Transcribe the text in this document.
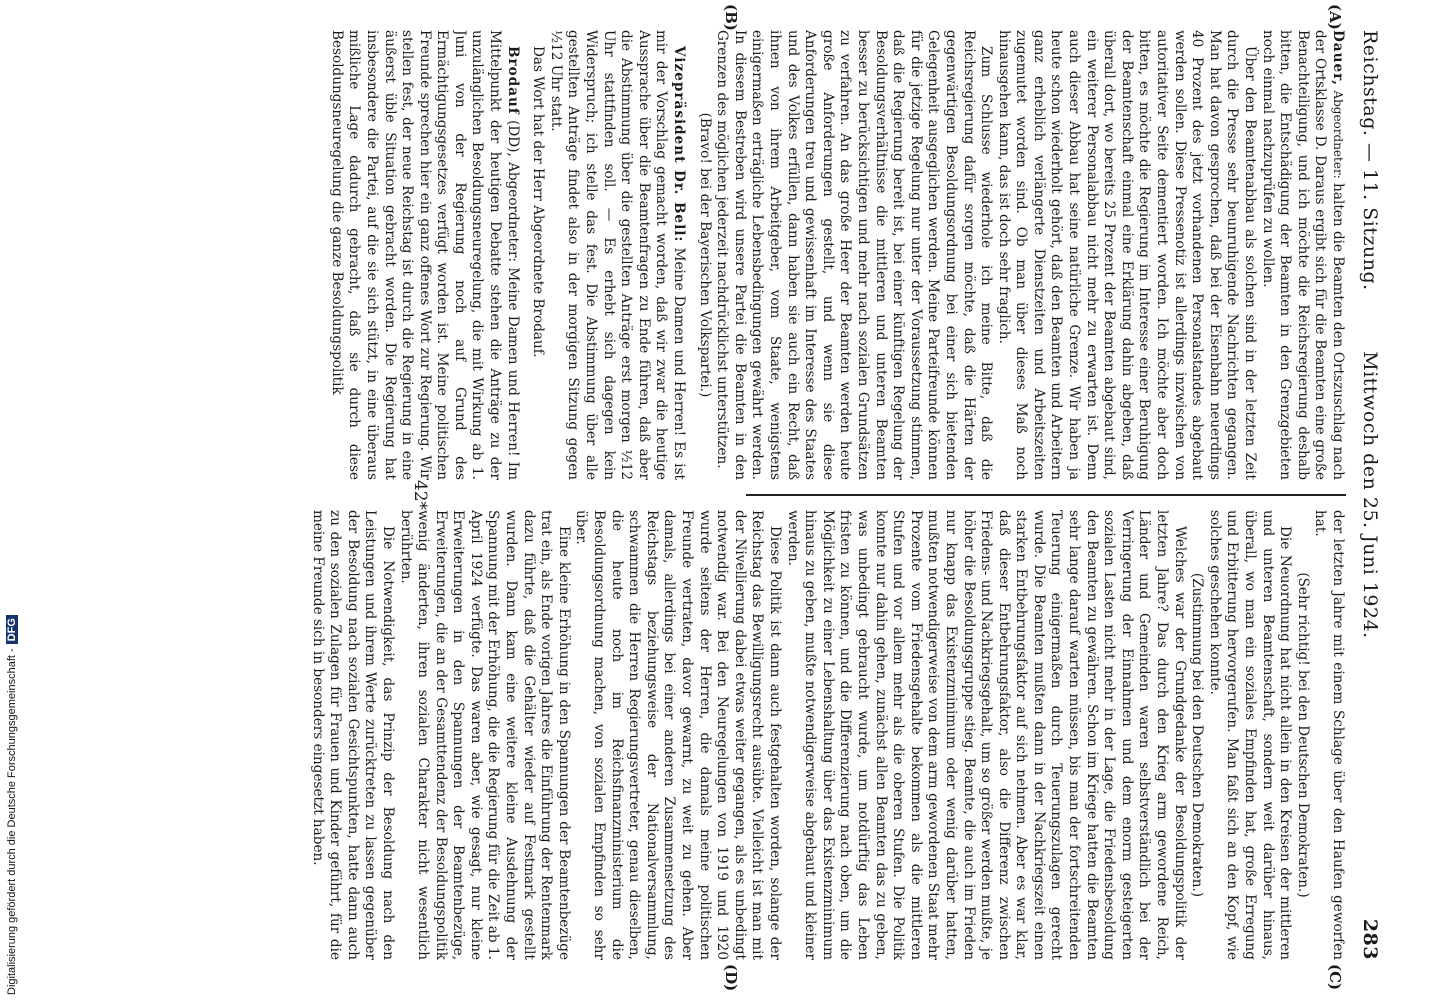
Reichstag. — 11. Sitzung.
Mittwoch den 25. Juni 1924.
283

Dauer, Abgeordneter: halten die Beamten den Ortszuschlag nach der Ortsklasse D. Daraus ergibt sich für die Beamten eine große Benachteiligung, und ich möchte die Reichsregierung deshalb bitten, die Entschädigung der Beamten in den Grenzgebieten noch einmal nachzuprüfen zu wollen.

Über den Beamtenabbau als solchen sind in der letzten Zeit durch die Presse sehr beunruhigende Nachrichten gegangen. Man hat davon gesprochen, daß bei der Eisenbahn neuerdings 40 Prozent des jetzt vorhandenen Personalstandes abgebaut werden sollen. Diese Pressenotiz ist allerdings inzwischen von autoritativer Seite dementiert worden. Ich möchte aber doch bitten, es möchte die Regierung im Interesse einer Beruhigung der Beamtenschaft einmal eine Erklärung dahin abgeben, daß überall dort, wo bereits 25 Prozent der Beamten abgebaut sind, ein weiterer Personalabbau nicht mehr zu erwarten ist. Denn auch dieser Abbau hat seine natürliche Grenze. Wir haben ja heute schon wiederholt gehört, daß den Beamten und Arbeitern ganz erheblich verlängerte Dienstzeiten und Arbeitszeiten zugemutet worden sind. Ob man über dieses Maß noch hinausgehen kann, das ist doch sehr fraglich.

Zum Schlusse wiederhole ich meine Bitte, daß die Reichsregierung dafür sorgen möchte, daß die Härten der gegenwärtigen Besoldungsordnung bei einer sich bietenden Gelegenheit ausgeglichen werden. Meine Parteifreunde können für die jetzige Regelung nur unter der Voraussetzung stimmen, daß die Regierung bereit ist, bei einer künftigen Regelung der Besoldungsverhältnisse die mittleren und unteren Beamten besser zu berücksichtigen und mehr nach sozialen Grundsätzen zu verfahren. An das große Heer der Beamten werden heute große Anforderungen gestellt, und wenn sie diese Anforderungen treu und gewissenhaft im Interesse des Staates und des Volkes erfüllen, dann haben sie auch ein Recht, daß ihnen von ihrem Arbeitgeber, vom Staate, wenigstens einigermaßen erträgliche Lebensbedingungen gewährt werden. In diesem Bestreben wird unsere Partei die Beamten in den Grenzen des möglichen jederzeit nachdrücklichst unterstützen.

(Bravo! bei der Bayerischen Volkspartei.)

Vizepräsident Dr. Bell: Meine Damen und Herren! Es ist mir der Vorschlag gemacht worden, daß wir zwar die heutige Aussprache über die Beamtenfragen zu Ende führen, daß aber die Abstimmung über die gestellten Anträge erst morgen ½12 Uhr stattfinden soll. — Es erhebt sich dagegen kein Widerspruch; ich stelle das fest. Die Abstimmung über alle gestellten Anträge findet also in der morgigen Sitzung gegen ½12 Uhr statt.

Das Wort hat der Herr Abgeordnete Brodauf.

Brodauf (DD), Abgeordneter: Meine Damen und Herren! Im Mittelpunkt der heutigen Debatte stehen die Anträge zu der unzulänglichen Besoldungsneuregelung, die mit Wirkung ab 1. Juni von der Regierung noch auf Grund des Ermächtigungsgesetzes verfügt worden ist. Meine politischen Freunde sprechen hier ein ganz offenes Wort zur Regierung. Wir stellen fest, der neue Reichstag ist durch die Regierung in eine äußerst üble Situation gebracht worden. Die Regierung hat insbesondere die Partei, auf die sie sich stützt, in eine überaus mißliche Lage dadurch gebracht, daß sie durch diese Besoldungsneuregelung die ganze Besoldungspolitik

der letzten Jahre mit einem Schlage über den Haufen geworfen hat.

(Sehr richtig! bei den Deutschen Demokraten.)

Die Neuordnung hat nicht allein in den Kreisen der mittleren und unteren Beamtenschaft, sondern weit darüber hinaus, überall, wo man ein soziales Empfinden hat, große Erregung und Erbitterung hervorgerufen. Man faßt sich an den Kopf, wie solches geschehen konnte.

(Zustimmung bei den Deutschen Demokraten.)

Welches war der Grundgedanke der Besoldungspolitik der letzten Jahre? Das durch den Krieg arm gewordene Reich, Länder und Gemeinden waren selbstverständlich bei der Verringerung der Einnahmen und dem enorm gesteigerten sozialen Lasten nicht mehr in der Lage, die Friedensbesoldung den Beamten zu gewähren. Schon im Kriege hatten die Beamten sehr lange darauf warten müssen, bis man der fortschreitenden Teuerung einigermaßen durch Teuerungszulagen gerecht wurde. Die Beamten mußten dann in der Nachkriegszeit einen starken Entbehrungsfaktor auf sich nehmen. Aber es war klar, daß dieser Entbehrungsfaktor, also die Differenz zwischen Friedens- und Nachkriegsgehalt, um so größer werden mußte, je höher die Besoldungsgruppe stieg. Beamte, die auch im Frieden nur knapp das Existenzminimum oder wenig darüber hatten, mußten notwendigerweise von dem arm gewordenen Staat mehr Prozente vom Friedensgehalte bekommen als die mittleren Stufen und vor allem mehr als die oberen Stufen. Die Politik konnte nur dahin gehen, zunächst allen Beamten das zu geben, was unbedingt gebraucht wurde, um notdürftig das Leben fristen zu können, und die Differenzierung nach oben, um die Möglichkeit zu einer Lebenshaltung über das Existenzminimum hinaus zu geben, mußte notwendigerweise abgebaut und kleiner werden.

Diese Politik ist dann auch festgehalten worden, solange der Reichstag das Bewilligungsrecht ausübte. Vielleicht ist man mit der Nivellierung dabei etwas weiter gegangen, als es unbedingt notwendig war. Bei den Neuregelungen von 1919 und 1920 wurde seitens der Herren, die damals meine politischen Freunde vertraten, davor gewarnt, zu weit zu gehen. Aber damals, allerdings bei einer anderen Zusammensetzung des Reichstags beziehungsweise der Nationalversammlung, schwammen die Herren Regierungsvertreter, genau dieselben, die heute noch im Reichsfinanzministerium die Besoldungsordnung machen, von sozialen Empfinden so sehr über.

Eine kleine Erhöhung in den Spannungen der Beamtenbezüge trat ein, als Ende vorigen Jahres die Einführung der Rentenmark dazu führte, daß die Gehälter wieder auf Festmark gestellt wurden. Dann kam eine weitere kleine Ausdehnung der Spannung mit der Erhöhung, die die Regierung für die Zeit ab 1. April 1924 verfügte. Das waren aber, wie gesagt, nur kleine Erweiterungen in den Spannungen der Beamtenbezüge, Erweiterungen, die an der Gesamttendenz der Besoldungspolitik wenig änderten, ihren sozialen Charakter nicht wesentlich berührten.

Die Notwendigkeit, das Prinzip der Besoldung nach den Leistungen und ihrem Werte zurücktreten zu lassen gegenüber der Besoldung nach sozialen Gesichtspunkten, hatte dann auch zu den sozialen Zulagen für Frauen und Kinder geführt, für die meine Freunde sich in besonders eingesetzt haben.

(A)
(B)
(C)
(D)
42*
Digitalisierung gefördert durch die Deutsche Forschungsgemeinschaft -DFG
